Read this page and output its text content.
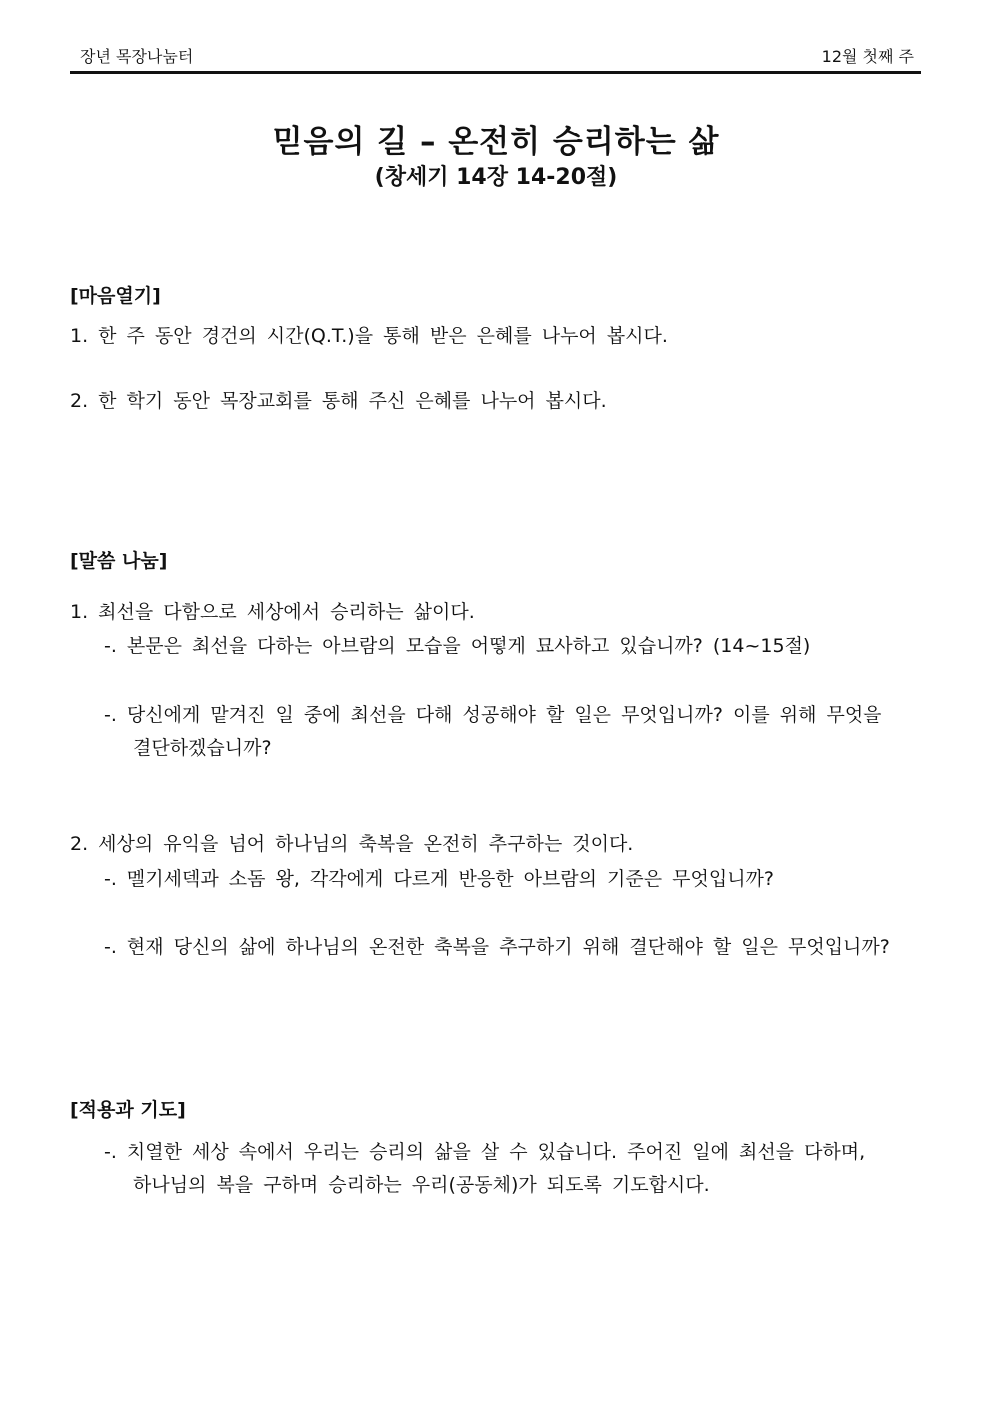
장년 목장나눔터	12월 첫째 주
믿음의 길 – 온전히 승리하는 삶
(창세기 14장 14-20절)
[마음열기]
1. 한 주 동안 경건의 시간(Q.T.)을 통해 받은 은혜를 나누어 봅시다.
2. 한 학기 동안 목장교회를 통해 주신 은혜를 나누어 봅시다.
[말씀 나눔]
1. 최선을 다함으로 세상에서 승리하는 삶이다.
-. 본문은 최선을 다하는 아브람의 모습을 어떻게 묘사하고 있습니까? (14~15절)
-. 당신에게 맡겨진 일 중에 최선을 다해 성공해야 할 일은 무엇입니까? 이를 위해 무엇을
결단하겠습니까?
2. 세상의 유익을 넘어 하나님의 축복을 온전히 추구하는 것이다.
-. 멜기세덱과 소돔 왕, 각각에게 다르게 반응한 아브람의 기준은 무엇입니까?
-. 현재 당신의 삶에 하나님의 온전한 축복을 추구하기 위해 결단해야 할 일은 무엇입니까?
[적용과 기도]
-. 치열한 세상 속에서 우리는 승리의 삶을 살 수 있습니다. 주어진 일에 최선을 다하며,
하나님의 복을 구하며 승리하는 우리(공동체)가 되도록 기도합시다.
